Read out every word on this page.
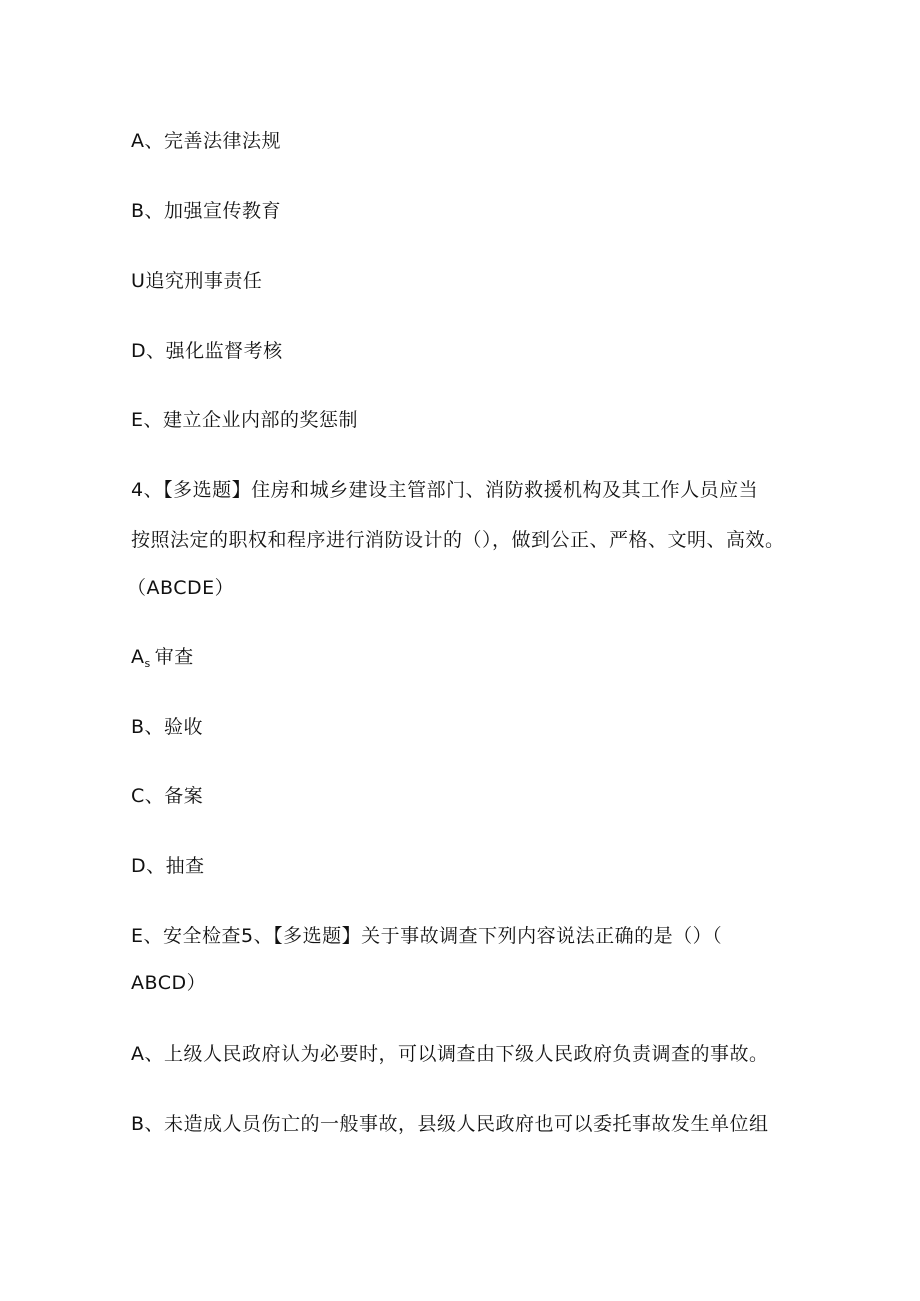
A、完善法律法规
B、加强宣传教育
U追究刑事责任
D、强化监督考核
E、建立企业内部的奖惩制
4、【多选题】住房和城乡建设主管部门、消防救援机构及其工作人员应当
按照法定的职权和程序进行消防设计的（），做到公正、严格、文明、高效。
（ABCDE）
$A_s$ 审查
B、验收
C、备案
D、抽查
E、安全检查5、【多选题】关于事故调查下列内容说法正确的是（）（
ABCD）
A、上级人民政府认为必要时，可以调查由下级人民政府负责调查的事故。
B、未造成人员伤亡的一般事故，县级人民政府也可以委托事故发生单位组
